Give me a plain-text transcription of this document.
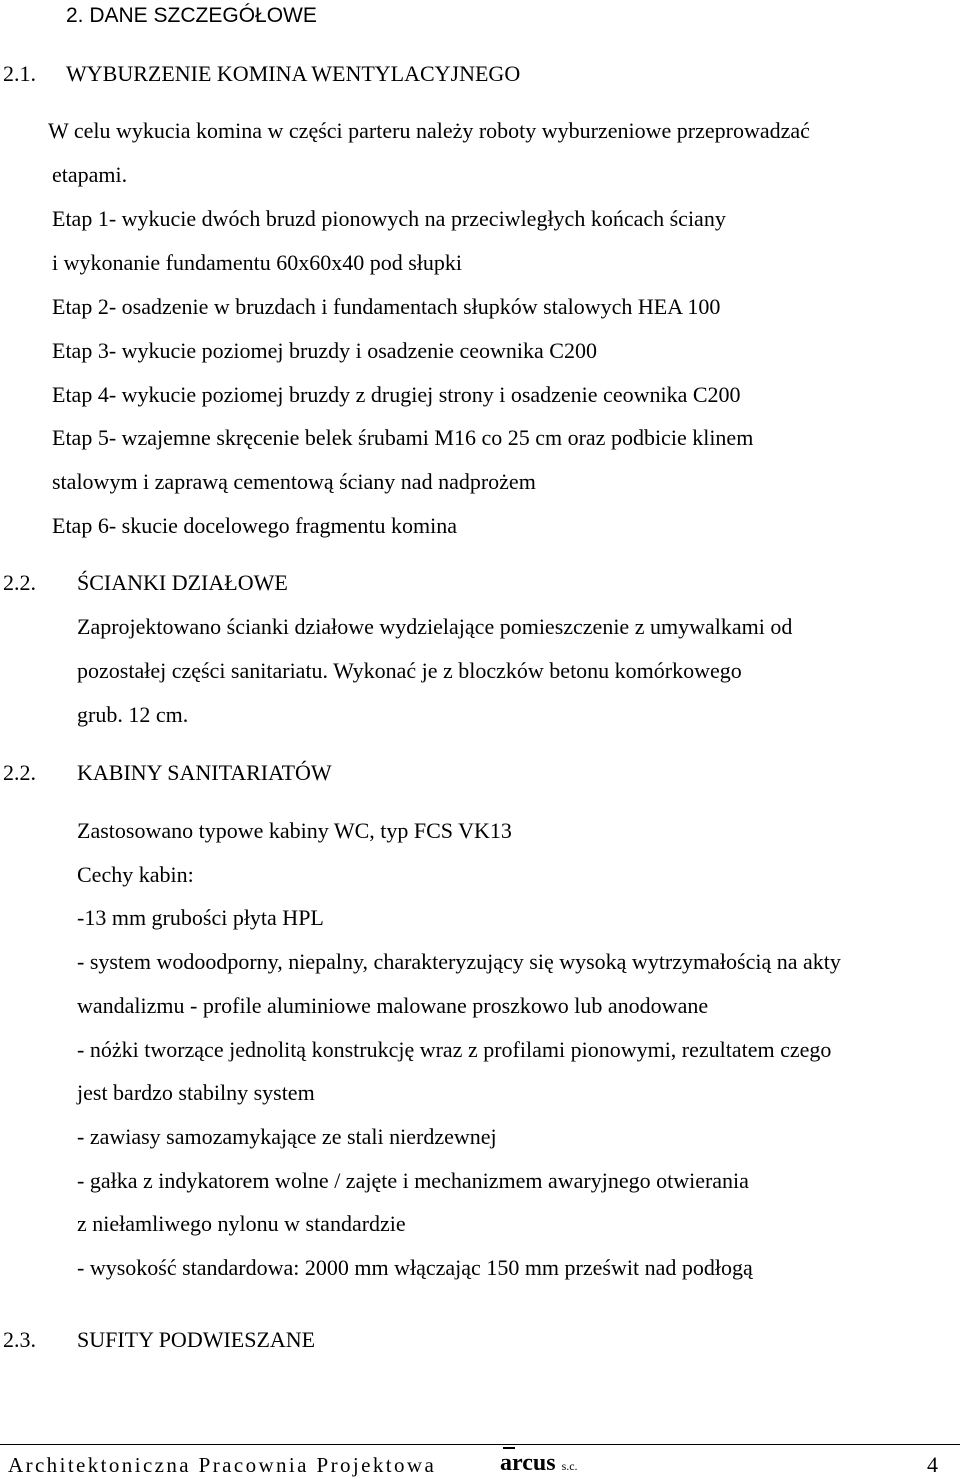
2. DANE SZCZEGÓŁOWE
2.1. WYBURZENIE KOMINA WENTYLACYJNEGO
W celu wykucia komina w części parteru należy roboty wyburzeniowe przeprowadzać
etapami.
Etap 1- wykucie dwóch bruzd pionowych na przeciwległych końcach ściany
i wykonanie fundamentu 60x60x40 pod słupki
Etap 2- osadzenie w bruzdach i fundamentach słupków stalowych HEA 100
Etap 3- wykucie poziomej bruzdy i osadzenie ceownika C200
Etap 4- wykucie poziomej bruzdy z drugiej strony i osadzenie ceownika C200
Etap 5- wzajemne skręcenie belek śrubami M16 co 25 cm oraz podbicie klinem
stalowym i zaprawą cementową ściany nad nadprożem
Etap 6- skucie docelowego fragmentu komina
2.2. ŚCIANKI DZIAŁOWE
Zaprojektowano ścianki działowe wydzielające pomieszczenie z umywalkami od
pozostałej części sanitariatu. Wykonać je z bloczków betonu komórkowego
grub. 12 cm.
2.2. KABINY SANITARIATÓW
Zastosowano typowe kabiny WC, typ FCS VK13
Cechy kabin:
-13 mm grubości płyta HPL
- system wodoodporny, niepalny, charakteryzujący się wysoką wytrzymałością na akty
wandalizmu - profile aluminiowe malowane proszkowo lub anodowane
- nóżki tworzące jednolitą konstrukcję wraz z profilami pionowymi, rezultatem czego
jest bardzo stabilny system
- zawiasy samozamykające ze stali nierdzewnej
- gałka z indykatorem wolne / zajęte i mechanizmem awaryjnego otwierania
z niełamliwego nylonu w standardzie
- wysokość standardowa: 2000 mm włączając 150 mm prześwit nad podłogą
2.3. SUFITY PODWIESZANE
Architektoniczna Pracownia Projektowa	arcus s.c.	4
